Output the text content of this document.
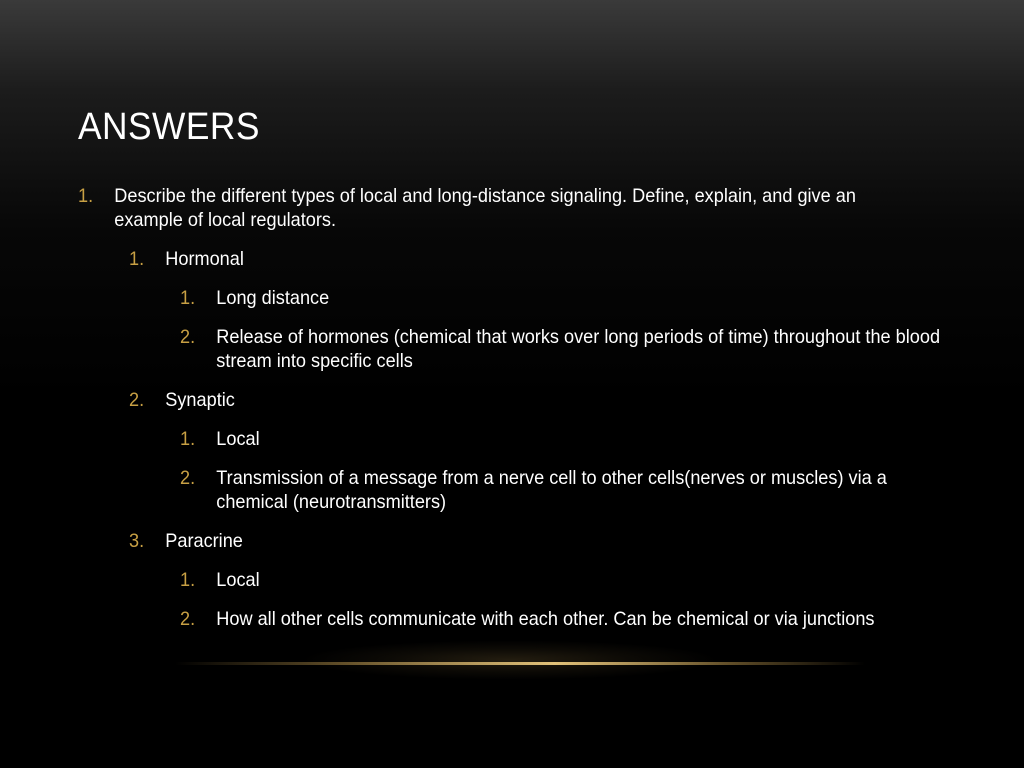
ANSWERS
1. Describe the different types of local and long-distance signaling. Define, explain, and give an example of local regulators.
1. Hormonal
1. Long distance
2. Release of hormones (chemical that works over long periods of time) throughout the blood stream into specific cells
2. Synaptic
1. Local
2. Transmission of a message from a nerve cell to other cells(nerves or muscles) via a chemical (neurotransmitters)
3. Paracrine
1. Local
2. How all other cells communicate with each other. Can be chemical or via junctions
